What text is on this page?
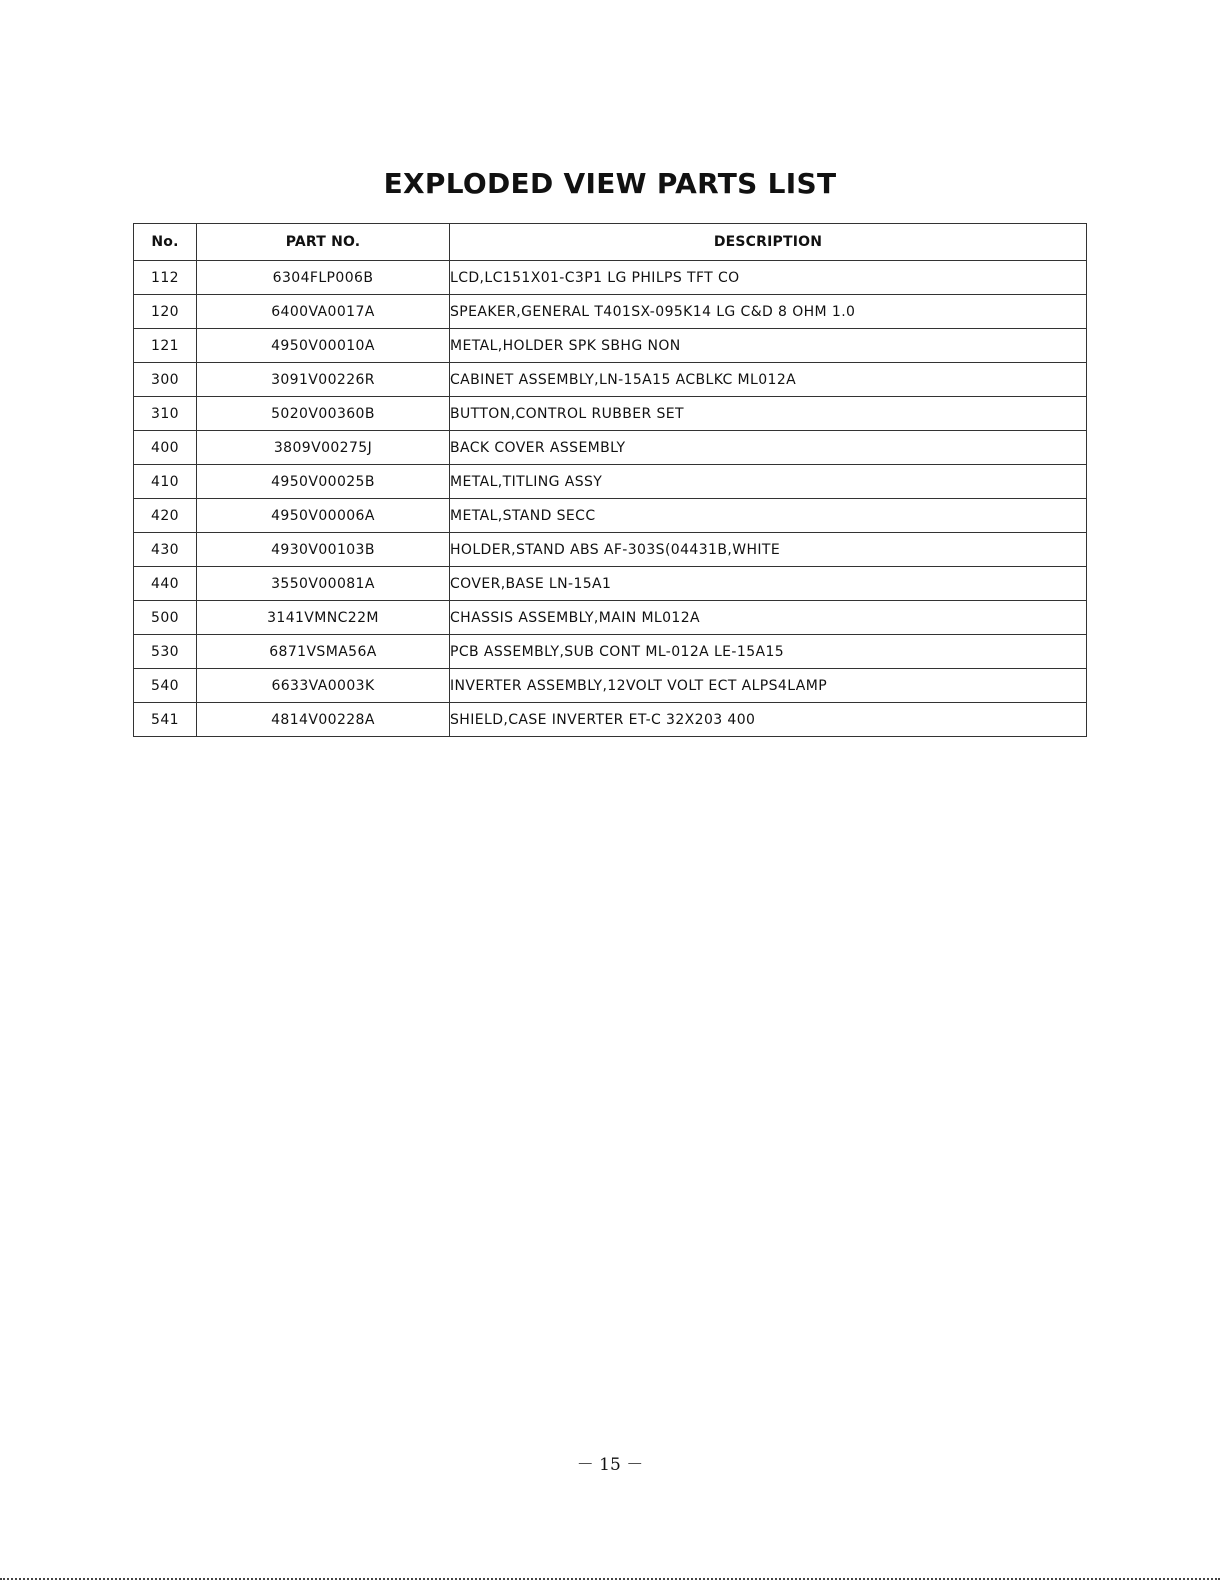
EXPLODED VIEW PARTS LIST
No.	PART NO.	DESCRIPTION
112	6304FLP006B	LCD,LC151X01-C3P1 LG PHILPS TFT CO
120	6400VA0017A	SPEAKER,GENERAL T401SX-095K14 LG C&D 8 OHM 1.0
121	4950V00010A	METAL,HOLDER SPK SBHG NON
300	3091V00226R	CABINET ASSEMBLY,LN-15A15 ACBLKC ML012A
310	5020V00360B	BUTTON,CONTROL RUBBER SET
400	3809V00275J	BACK COVER ASSEMBLY
410	4950V00025B	METAL,TITLING ASSY
420	4950V00006A	METAL,STAND SECC
430	4930V00103B	HOLDER,STAND ABS AF-303S(04431B,WHITE
440	3550V00081A	COVER,BASE LN-15A1
500	3141VMNC22M	CHASSIS ASSEMBLY,MAIN ML012A
530	6871VSMA56A	PCB ASSEMBLY,SUB CONT ML-012A LE-15A15
540	6633VA0003K	INVERTER ASSEMBLY,12VOLT VOLT ECT ALPS4LAMP
541	4814V00228A	SHIELD,CASE INVERTER ET-C 32X203 400
－ 15 －
